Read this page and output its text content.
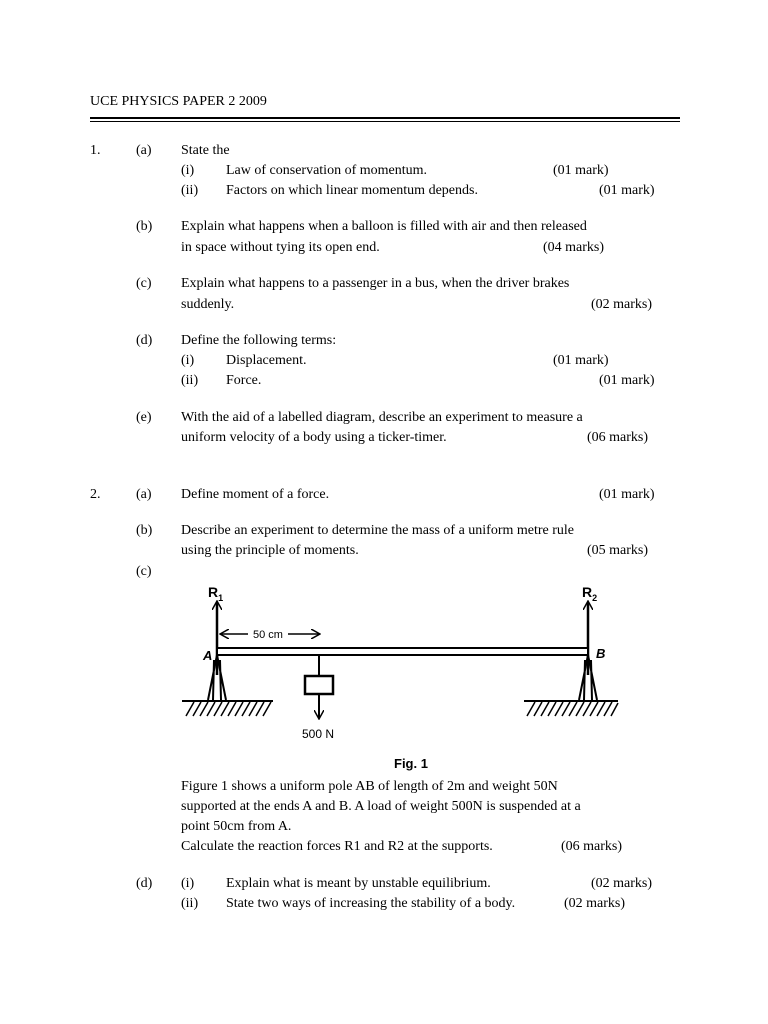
UCE PHYSICS PAPER 2 2009
1.	(a) State the
(i) Law of conservation of momentum.	(01 mark)
(ii) Factors on which linear momentum depends.	(01 mark)
(b) Explain what happens when a balloon is filled with air and then released
in space without tying its open end.	(04 marks)
(c) Explain what happens to a passenger in a bus, when the driver brakes
suddenly.	(02 marks)
(d) Define the following terms:
(i) Displacement.	(01 mark)
(ii) Force.	(01 mark)
(e) With the aid of a labelled diagram, describe an experiment to measure a
uniform velocity of a body using a ticker-timer.	(06 marks)
2.	(a) Define moment of a force.	(01 mark)
(b) Describe an experiment to determine the mass of a uniform metre rule
using the principle of moments.	(05 marks)
(c)
$R_1$	$R_2$
50 cm
A	B
500 N
Fig. 1
Figure 1 shows a uniform pole AB of length of 2m and weight 50N
supported at the ends A and B. A load of weight 500N is suspended at a
point 50cm from A.
Calculate the reaction forces R1 and R2 at the supports.	(06 marks)
(d) (i) Explain what is meant by unstable equilibrium.	(02 marks)
(ii) State two ways of increasing the stability of a body.	(02 marks)
